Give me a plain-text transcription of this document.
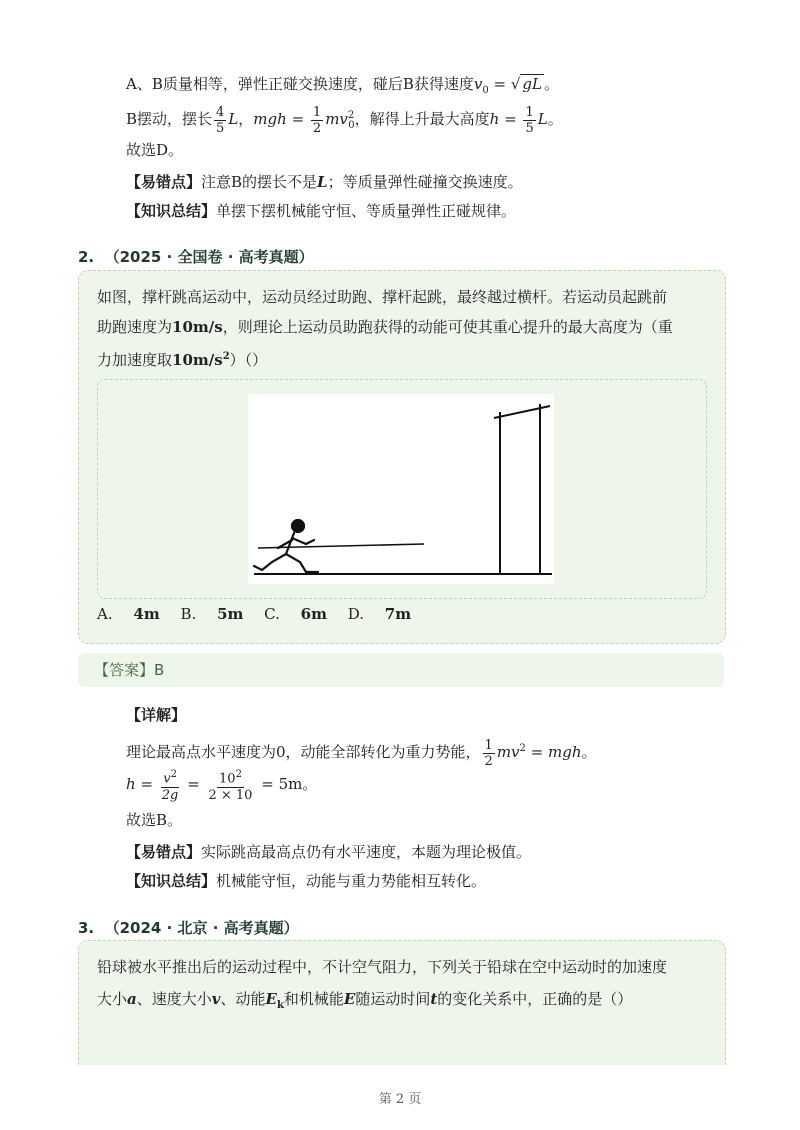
A、B质量相等，弹性正碰交换速度，碰后B获得速度$v_0$ = √ gL 。
B摆动，摆长 $\frac{4}{5}$ L，mgh = $\frac{1}{2} mv^2_0$，解得上升最大高度$h = \frac{1}{5}$ L。
故选D。
【易错点】注意B的摆长不是L；等质量弹性碰撞交换速度。
【知识总结】单摆下摆机械能守恒、等质量弹性正碰规律。
2. （2025 · 全国卷 · 高考真题）
如图，撑杆跳高运动中，运动员经过助跑、撑杆起跳，最终越过横杆。若运动员起跳前
助跑速度为10m/s，则理论上运动员助跑获得的动能可使其重心提升的最大高度为（重
力加速度取$10m/s^2)()$
A. 4m B. 5m C. 6m D. 7m
【答案】B
【详解】
理论最高点水平速度为0，动能全部转化为重力势能， $\frac{1}{2} mv^2$ = mgh。
$h = \frac{v^2}{2g} = \frac{10^2}{2 \times 10} = 5m$。
故选B。
【易错点】实际跳高最高点仍有水平速度，本题为理论极值。
【知识总结】机械能守恒，动能与重力势能相互转化。
3. （2024 · 北京 · 高考真题）
铅球被水平推出后的运动过程中，不计空气阻力，下列关于铅球在空中运动时的加速度
大小a、速度大小v、动能$E_k$和机械能E随运动时间t的变化关系中，正确的是（）
第 2 页
